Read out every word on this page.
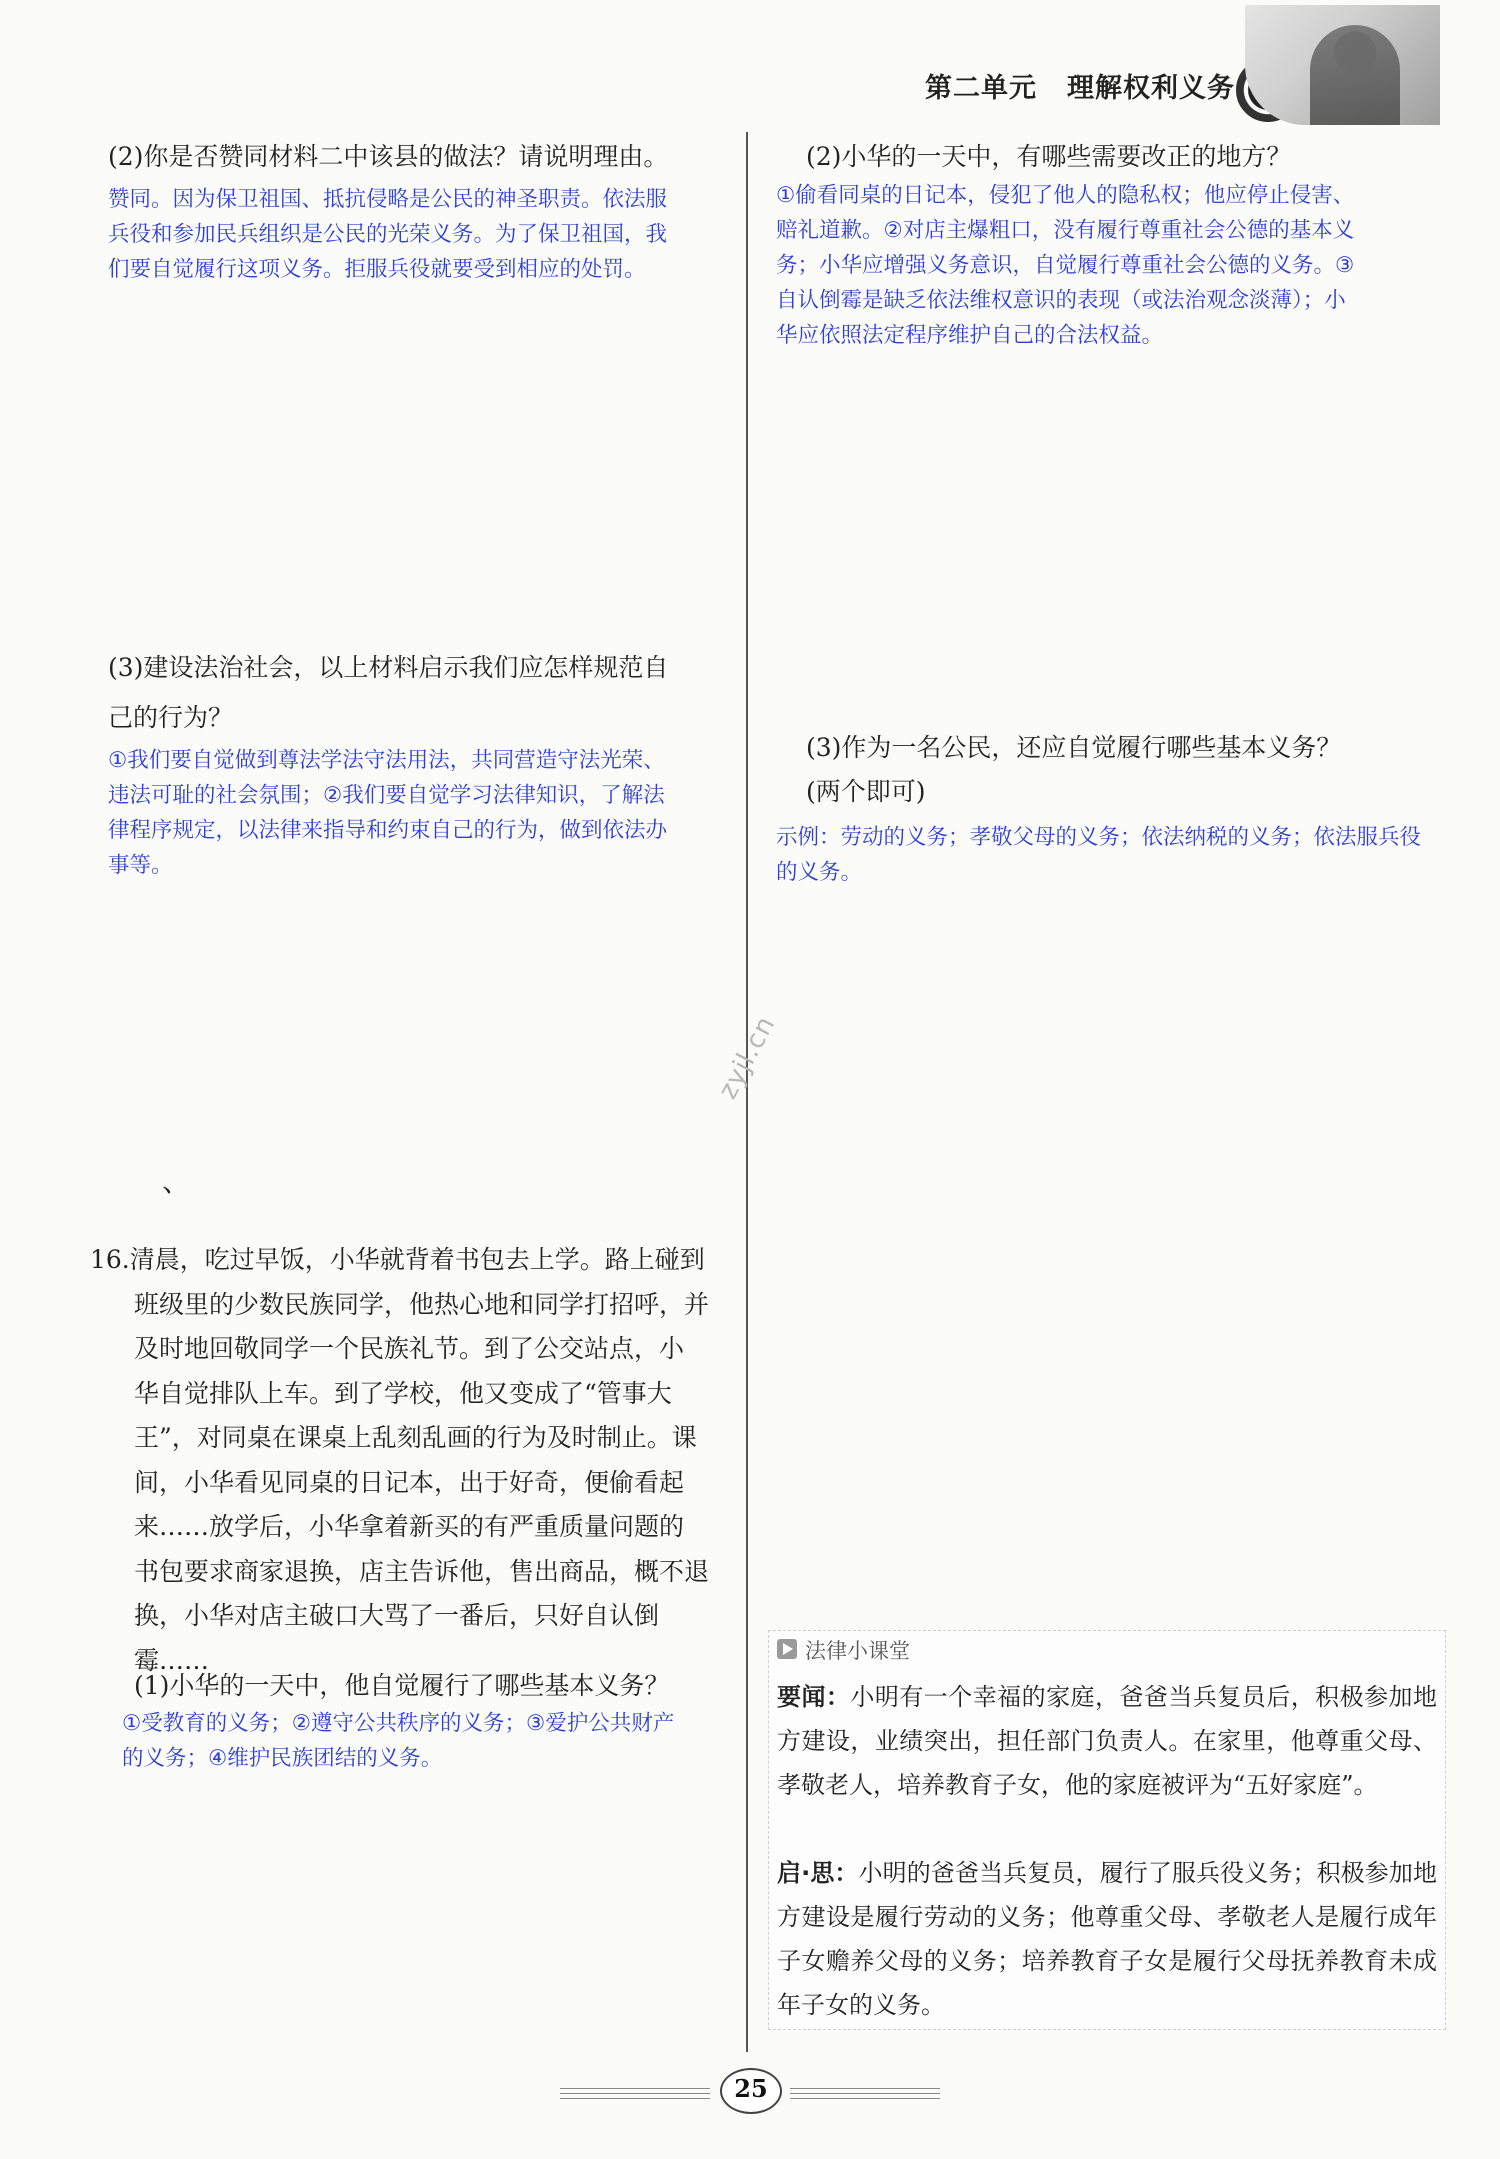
第二单元 理解权利义务
(2)你是否赞同材料二中该县的做法？请说明理由。
赞同。因为保卫祖国、抵抗侵略是公民的神圣职责。依法服
兵役和参加民兵组织是公民的光荣义务。为了保卫祖国，我
们要自觉履行这项义务。拒服兵役就要受到相应的处罚。
(3)建设法治社会，以上材料启示我们应怎样规范自
己的行为？
①我们要自觉做到尊法学法守法用法，共同营造守法光荣、
违法可耻的社会氛围；②我们要自觉学习法律知识，了解法
律程序规定，以法律来指导和约束自己的行为，做到依法办
事等。
、
16.清晨，吃过早饭，小华就背着书包去上学。路上碰到
班级里的少数民族同学，他热心地和同学打招呼，并
及时地回敬同学一个民族礼节。到了公交站点，小
华自觉排队上车。到了学校，他又变成了“管事大
王”，对同桌在课桌上乱刻乱画的行为及时制止。课
间，小华看见同桌的日记本，出于好奇，便偷看起
来……放学后，小华拿着新买的有严重质量问题的
书包要求商家退换，店主告诉他，售出商品，概不退
换，小华对店主破口大骂了一番后，只好自认倒
霉……
(1)小华的一天中，他自觉履行了哪些基本义务？
①受教育的义务；②遵守公共秩序的义务；③爱护公共财产
的义务；④维护民族团结的义务。
(2)小华的一天中，有哪些需要改正的地方？
①偷看同桌的日记本，侵犯了他人的隐私权；他应停止侵害、
赔礼道歉。②对店主爆粗口，没有履行尊重社会公德的基本义
务；小华应增强义务意识，自觉履行尊重社会公德的义务。③
自认倒霉是缺乏依法维权意识的表现（或法治观念淡薄）；小
华应依照法定程序维护自己的合法权益。
(3)作为一名公民，还应自觉履行哪些基本义务？
(两个即可)
示例：劳动的义务；孝敬父母的义务；依法纳税的义务；依法服兵役
的义务。
zyjl.cn
法律小课堂
要闻：小明有一个幸福的家庭，爸爸当兵复员后，积极参加地方建设，业绩突出，担任部门负责人。在家里，他尊重父母、孝敬老人，培养教育子女，他的家庭被评为“五好家庭”。
启·思：小明的爸爸当兵复员，履行了服兵役义务；积极参加地方建设是履行劳动的义务；他尊重父母、孝敬老人是履行成年子女赡养父母的义务；培养教育子女是履行父母抚养教育未成年子女的义务。
25
